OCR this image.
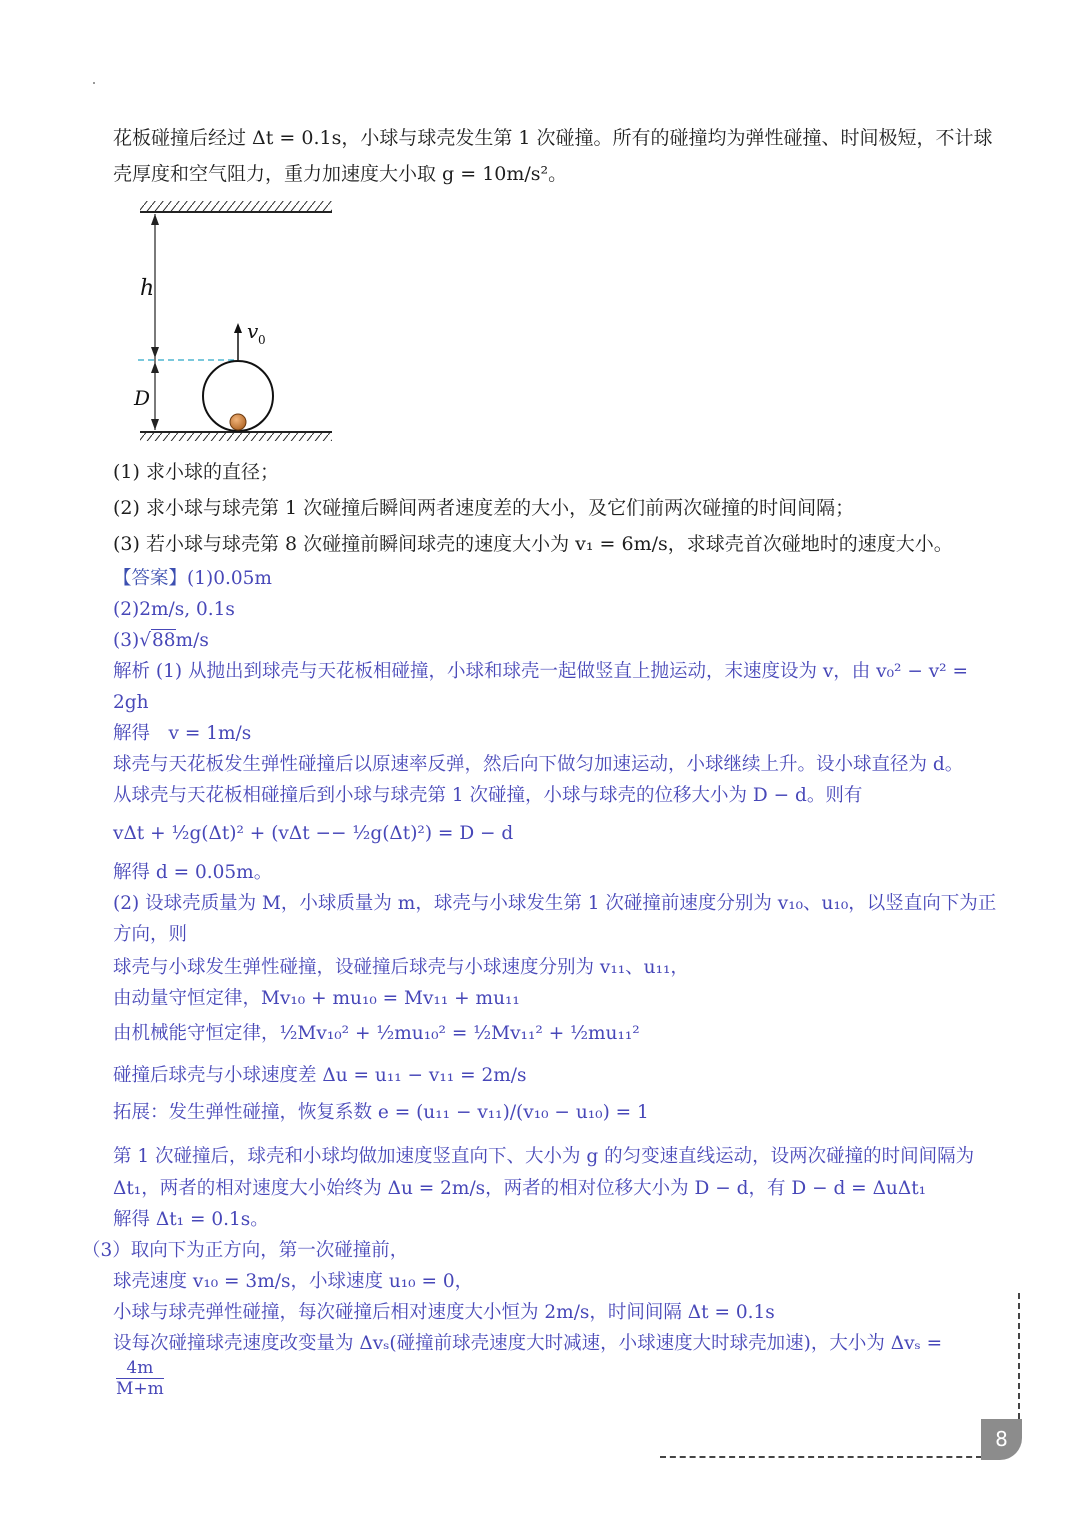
花板碰撞后经过 Δt = 0.1s，小球与球壳发生第 1 次碰撞。所有的碰撞均为弹性碰撞、时间极短，不计球
壳厚度和空气阻力，重力加速度大小取 g = 10m/s²。
h
D
v 0
(1) 求小球的直径；
(2) 求小球与球壳第 1 次碰撞后瞬间两者速度差的大小，及它们前两次碰撞的时间间隔；
(3) 若小球与球壳第 8 次碰撞前瞬间球壳的速度大小为 v₁ = 6m/s，求球壳首次碰地时的速度大小。
【答案】(1)0.05m
(2)2m/s, 0.1s
(3)√88m/s
解析 (1) 从抛出到球壳与天花板相碰撞，小球和球壳一起做竖直上抛运动，末速度设为 v，由 v₀² − v² =
2gh
解得　v = 1m/s
球壳与天花板发生弹性碰撞后以原速率反弹，然后向下做匀加速运动，小球继续上升。设小球直径为 d。
从球壳与天花板相碰撞后到小球与球壳第 1 次碰撞，小球与球壳的位移大小为 D − d。则有
vΔt + ½g(Δt)² + (vΔt −− ½g(Δt)²) = D − d
解得 d = 0.05m。
(2) 设球壳质量为 M，小球质量为 m，球壳与小球发生第 1 次碰撞前速度分别为 v₁₀、u₁₀，以竖直向下为正
方向，则
球壳与小球发生弹性碰撞，设碰撞后球壳与小球速度分别为 v₁₁、u₁₁，
由动量守恒定律，Mv₁₀ + mu₁₀ = Mv₁₁ + mu₁₁
由机械能守恒定律，½Mv₁₀² + ½mu₁₀² = ½Mv₁₁² + ½mu₁₁²
碰撞后球壳与小球速度差 Δu = u₁₁ − v₁₁ = 2m/s
拓展：发生弹性碰撞，恢复系数 e = (u₁₁ − v₁₁)/(v₁₀ − u₁₀) = 1
第 1 次碰撞后，球壳和小球均做加速度竖直向下、大小为 g 的匀变速直线运动，设两次碰撞的时间间隔为
Δt₁，两者的相对速度大小始终为 Δu = 2m/s，两者的相对位移大小为 D − d，有 D − d = ΔuΔt₁
解得 Δt₁ = 0.1s。
（3）取向下为正方向，第一次碰撞前，
球壳速度 v₁₀ = 3m/s，小球速度 u₁₀ = 0，
小球与球壳弹性碰撞，每次碰撞后相对速度大小恒为 2m/s，时间间隔 Δt = 0.1s
设每次碰撞球壳速度改变量为 Δvₛ(碰撞前球壳速度大时减速，小球速度大时球壳加速)，大小为 Δvₛ =
$\frac{4m}{M+m}$
8
